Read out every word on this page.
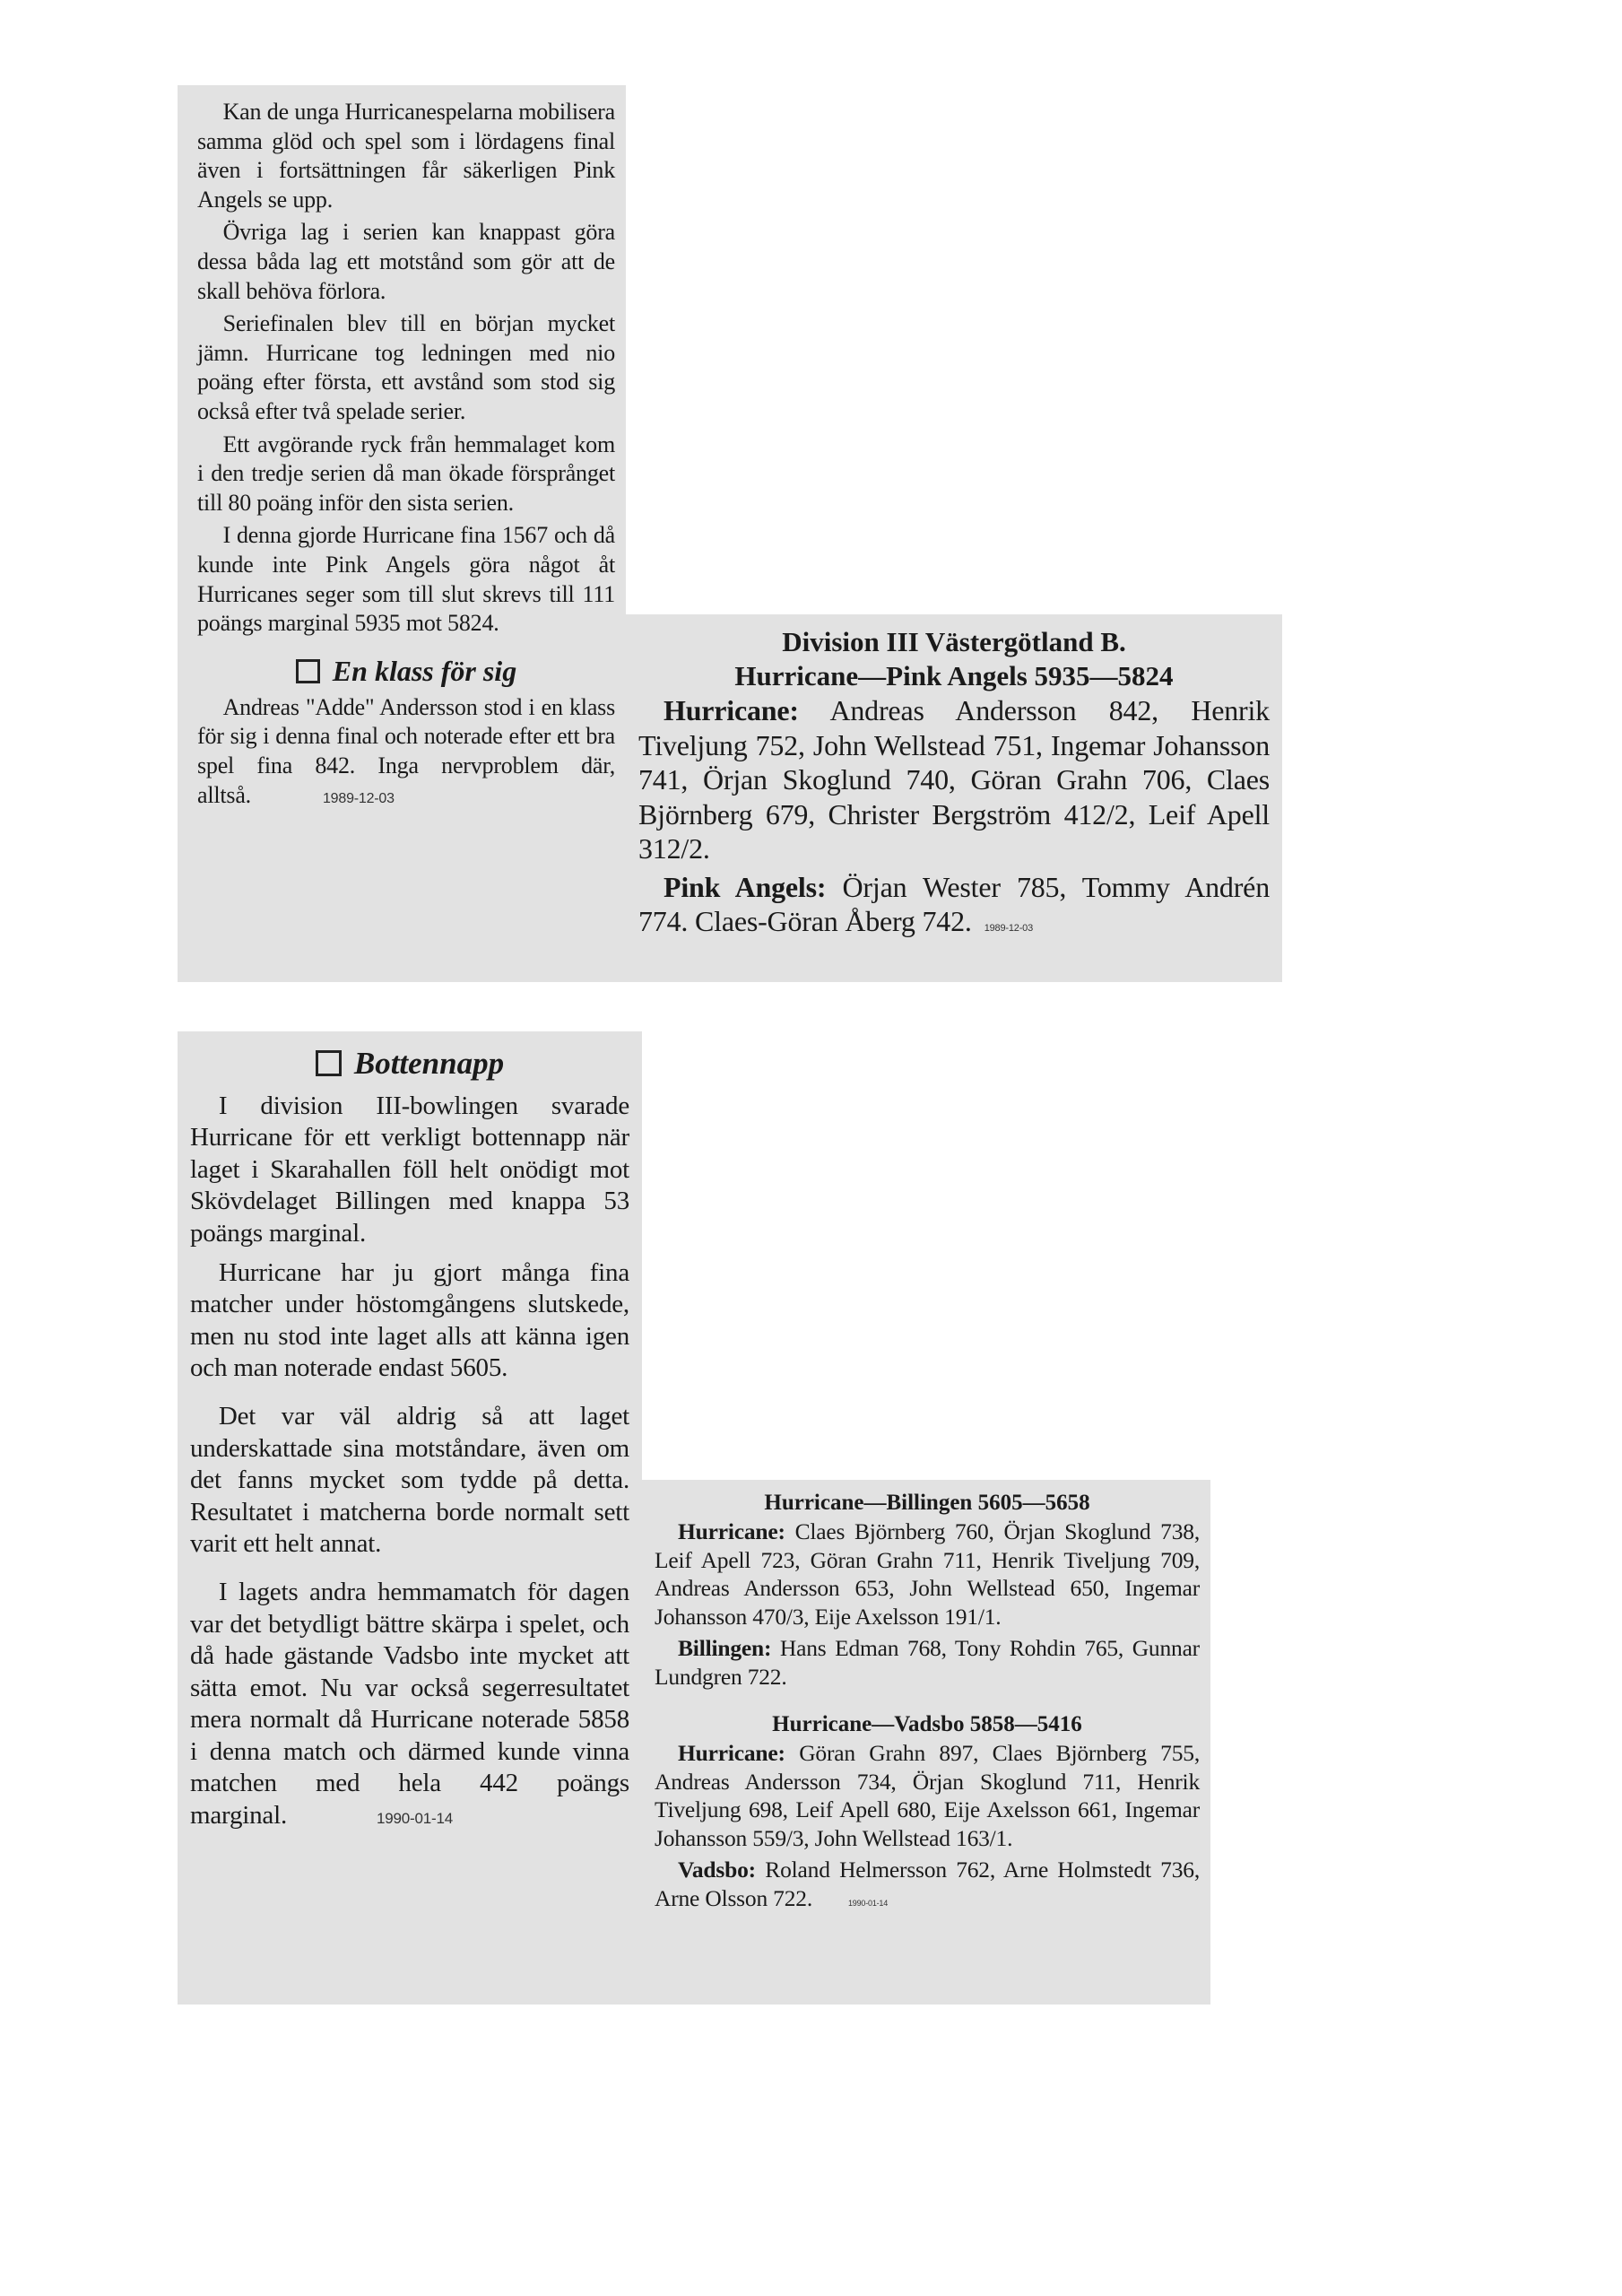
Kan de unga Hurricanespelarna mobilisera samma glöd och spel som i lördagens final även i fortsättningen får säkerligen Pink Angels se upp.

Övriga lag i serien kan knappast göra dessa båda lag ett motstånd som gör att de skall behöva förlora.

Seriefinalen blev till en början mycket jämn. Hurricane tog ledningen med nio poäng efter första, ett avstånd som stod sig också efter två spelade serier.

Ett avgörande ryck från hemmalaget kom i den tredje serien då man ökade försprånget till 80 poäng inför den sista serien.

I denna gjorde Hurricane fina 1567 och då kunde inte Pink Angels göra något åt Hurricanes seger som till slut skrevs till 111 poängs marginal 5935 mot 5824.

En klass för sig

Andreas "Adde" Andersson stod i en klass för sig i denna final och noterade efter ett bra spel fina 842. Inga nervproblem där, alltså.	1989-12-03

Division III Västergötland B.
Hurricane—Pink Angels 5935—5824

Hurricane: Andreas Andersson 842, Henrik Tiveljung 752, John Wellstead 751, Ingemar Johansson 741, Örjan Skoglund 740, Göran Grahn 706, Claes Björnberg 679, Christer Bergström 412/2, Leif Apell 312/2.

Pink Angels: Örjan Wester 785, Tommy Andrén 774. Claes-Göran Åberg 742. 1989-12-03

Bottennapp

I division III-bowlingen svarade Hurricane för ett verkligt bottennapp när laget i Skarahallen föll helt onödigt mot Skövdelaget Billingen med knappa 53 poängs marginal.

Hurricane har ju gjort många fina matcher under höstomgångens slutskede, men nu stod inte laget alls att känna igen och man noterade endast 5605.

Det var väl aldrig så att laget underskattade sina motståndare, även om det fanns mycket som tydde på detta. Resultatet i matcherna borde normalt sett varit ett helt annat.

I lagets andra hemmamatch för dagen var det betydligt bättre skärpa i spelet, och då hade gästande Vadsbo inte mycket att sätta emot. Nu var också segerresultatet mera normalt då Hurricane noterade 5858 i denna match och därmed kunde vinna matchen med hela 442 poängs marginal.	1990-01-14

Hurricane—Billingen 5605—5658

Hurricane: Claes Björnberg 760, Örjan Skoglund 738, Leif Apell 723, Göran Grahn 711, Henrik Tiveljung 709, Andreas Andersson 653, John Wellstead 650, Ingemar Johansson 470/3, Eije Axelsson 191/1.

Billingen: Hans Edman 768, Tony Rohdin 765, Gunnar Lundgren 722.

Hurricane—Vadsbo 5858—5416

Hurricane: Göran Grahn 897, Claes Björnberg 755, Andreas Andersson 734, Örjan Skoglund 711, Henrik Tiveljung 698, Leif Apell 680, Eije Axelsson 661, Ingemar Johansson 559/3, John Wellstead 163/1.

Vadsbo: Roland Helmersson 762, Arne Holmstedt 736, Arne Olsson 722.	1990-01-14
